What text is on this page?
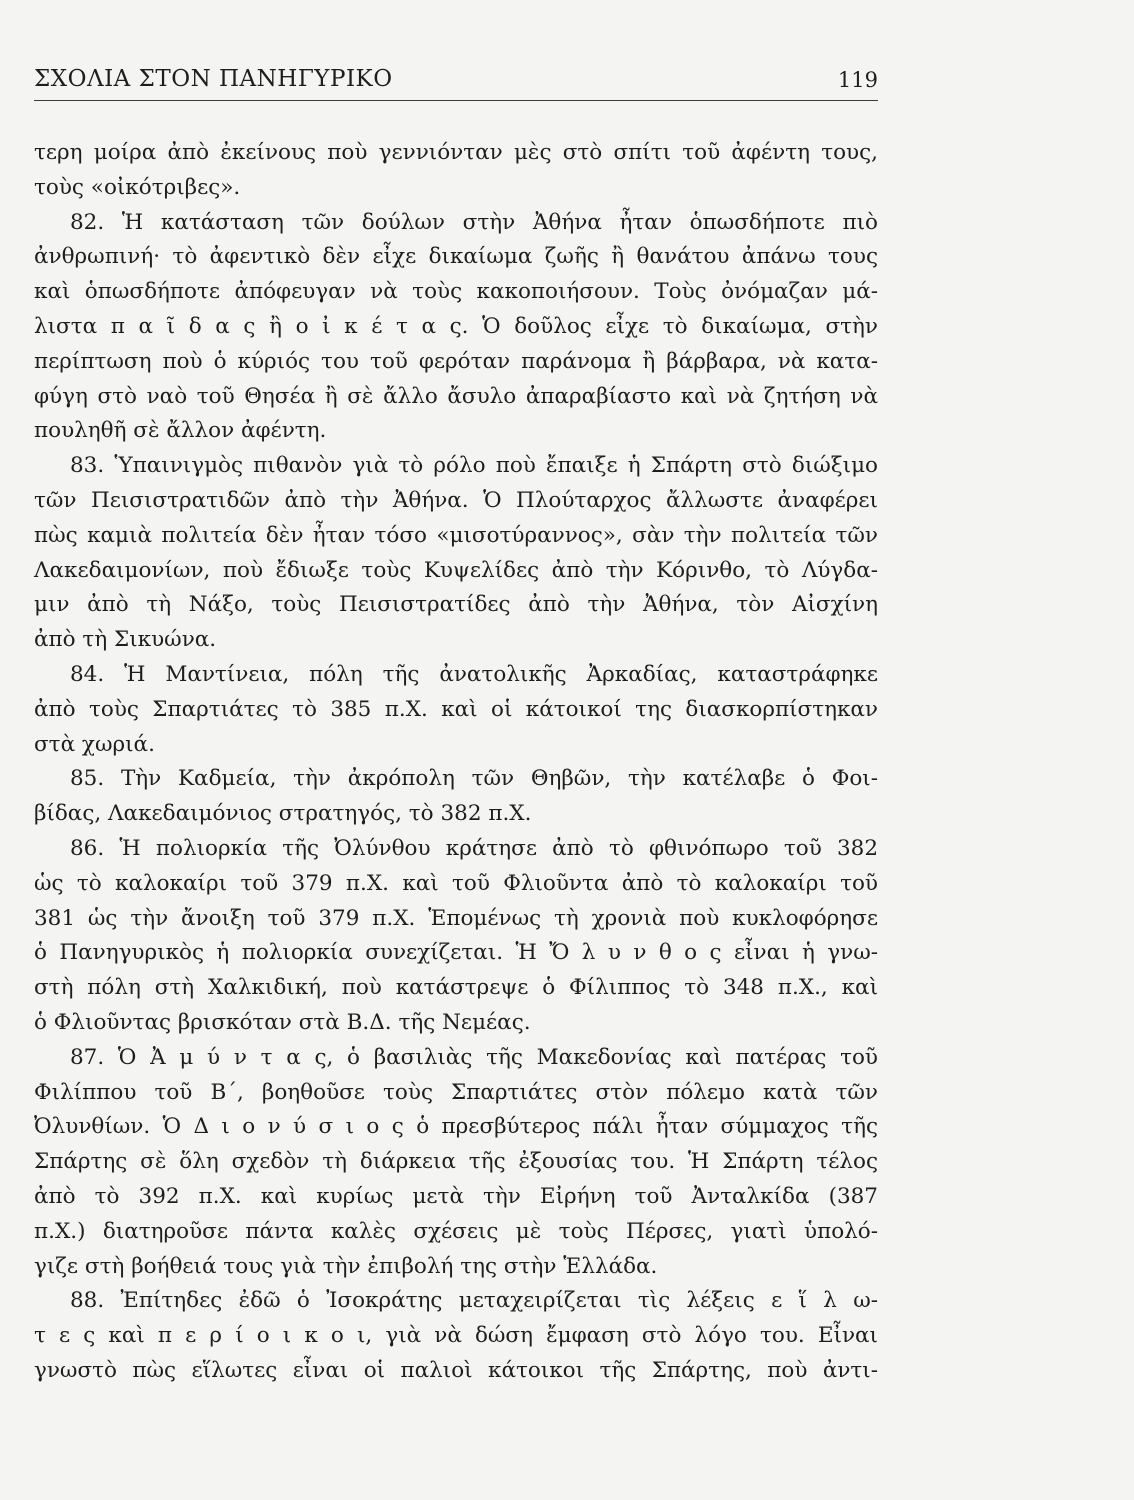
ΣΧΟΛΙΑ ΣΤΟΝ ΠΑΝΗΓΥΡΙΚΟ	119
τερη μοίρα ἀπὸ ἐκείνους ποὺ γεννιόνταν μὲς στὸ σπίτι τοῦ ἀφέντη τους,
τοὺς «οἰκότριβες».
82. Ἡ κατάσταση τῶν δούλων στὴν Ἀθήνα ἦταν ὁπωσδήποτε πιὸ
ἀνθρωπινή· τὸ ἀφεντικὸ δὲν εἶχε δικαίωμα ζωῆς ἢ θανάτου ἀπάνω τους
καὶ ὁπωσδήποτε ἀπόφευγαν νὰ τοὺς κακοποιήσουν. Τοὺς ὀνόμαζαν μά-
λιστα π α ῖ δ α ς ἢ ο ἰ κ έ τ α ς. Ὁ δοῦλος εἶχε τὸ δικαίωμα, στὴν
περίπτωση ποὺ ὁ κύριός του τοῦ φερόταν παράνομα ἢ βάρβαρα, νὰ κατα-
φύγη στὸ ναὸ τοῦ Θησέα ἢ σὲ ἄλλο ἄσυλο ἀπαραβίαστο καὶ νὰ ζητήση νὰ
πουληθῆ σὲ ἄλλον ἀφέντη.
83. Ὑπαινιγμὸς πιθανὸν γιὰ τὸ ρόλο ποὺ ἔπαιξε ἡ Σπάρτη στὸ διώξιμο
τῶν Πεισιστρατιδῶν ἀπὸ τὴν Ἀθήνα. Ὁ Πλούταρχος ἄλλωστε ἀναφέρει
πὼς καμιὰ πολιτεία δὲν ἦταν τόσο «μισοτύραννος», σὰν τὴν πολιτεία τῶν
Λακεδαιμονίων, ποὺ ἔδιωξε τοὺς Κυψελίδες ἀπὸ τὴν Κόρινθο, τὸ Λύγδα-
μιν ἀπὸ τὴ Νάξο, τοὺς Πεισιστρατίδες ἀπὸ τὴν Ἀθήνα, τὸν Αἰσχίνη
ἀπὸ τὴ Σικυώνα.
84. Ἡ Μαντίνεια, πόλη τῆς ἀνατολικῆς Ἀρκαδίας, καταστράφηκε
ἀπὸ τοὺς Σπαρτιάτες τὸ 385 π.Χ. καὶ οἱ κάτοικοί της διασκορπίστηκαν
στὰ χωριά.
85. Τὴν Καδμεία, τὴν ἀκρόπολη τῶν Θηβῶν, τὴν κατέλαβε ὁ Φοι-
βίδας, Λακεδαιμόνιος στρατηγός, τὸ 382 π.Χ.
86. Ἡ πολιορκία τῆς Ὀλύνθου κράτησε ἀπὸ τὸ φθινόπωρο τοῦ 382
ὡς τὸ καλοκαίρι τοῦ 379 π.Χ. καὶ τοῦ Φλιοῦντα ἀπὸ τὸ καλοκαίρι τοῦ
381 ὡς τὴν ἄνοιξη τοῦ 379 π.Χ. Ἑπομένως τὴ χρονιὰ ποὺ κυκλοφόρησε
ὁ Πανηγυρικὸς ἡ πολιορκία συνεχίζεται. Ἡ Ὄ λ υ ν θ ο ς εἶναι ἡ γνω-
στὴ πόλη στὴ Χαλκιδική, ποὺ κατάστρεψε ὁ Φίλιππος τὸ 348 π.Χ., καὶ
ὁ Φλιοῦντας βρισκόταν στὰ Β.Δ. τῆς Νεμέας.
87. Ὁ Ἀ μ ύ ν τ α ς, ὁ βασιλιὰς τῆς Μακεδονίας καὶ πατέρας τοῦ
Φιλίππου τοῦ Β΄, βοηθοῦσε τοὺς Σπαρτιάτες στὸν πόλεμο κατὰ τῶν
Ὀλυνθίων. Ὁ Δ ι ο ν ύ σ ι ο ς ὁ πρεσβύτερος πάλι ἦταν σύμμαχος τῆς
Σπάρτης σὲ ὅλη σχεδὸν τὴ διάρκεια τῆς ἐξουσίας του. Ἡ Σπάρτη τέλος
ἀπὸ τὸ 392 π.Χ. καὶ κυρίως μετὰ τὴν Εἰρήνη τοῦ Ἀνταλκίδα (387
π.Χ.) διατηροῦσε πάντα καλὲς σχέσεις μὲ τοὺς Πέρσες, γιατὶ ὑπολό-
γιζε στὴ βοήθειά τους γιὰ τὴν ἐπιβολή της στὴν Ἑλλάδα.
88. Ἐπίτηδες ἐδῶ ὁ Ἰσοκράτης μεταχειρίζεται τὶς λέξεις ε ἵ λ ω-
τ ε ς καὶ π ε ρ ί ο ι κ ο ι, γιὰ νὰ δώση ἔμφαση στὸ λόγο του. Εἶναι
γνωστὸ πὼς εἵλωτες εἶναι οἱ παλιοὶ κάτοικοι τῆς Σπάρτης, ποὺ ἀντι-
